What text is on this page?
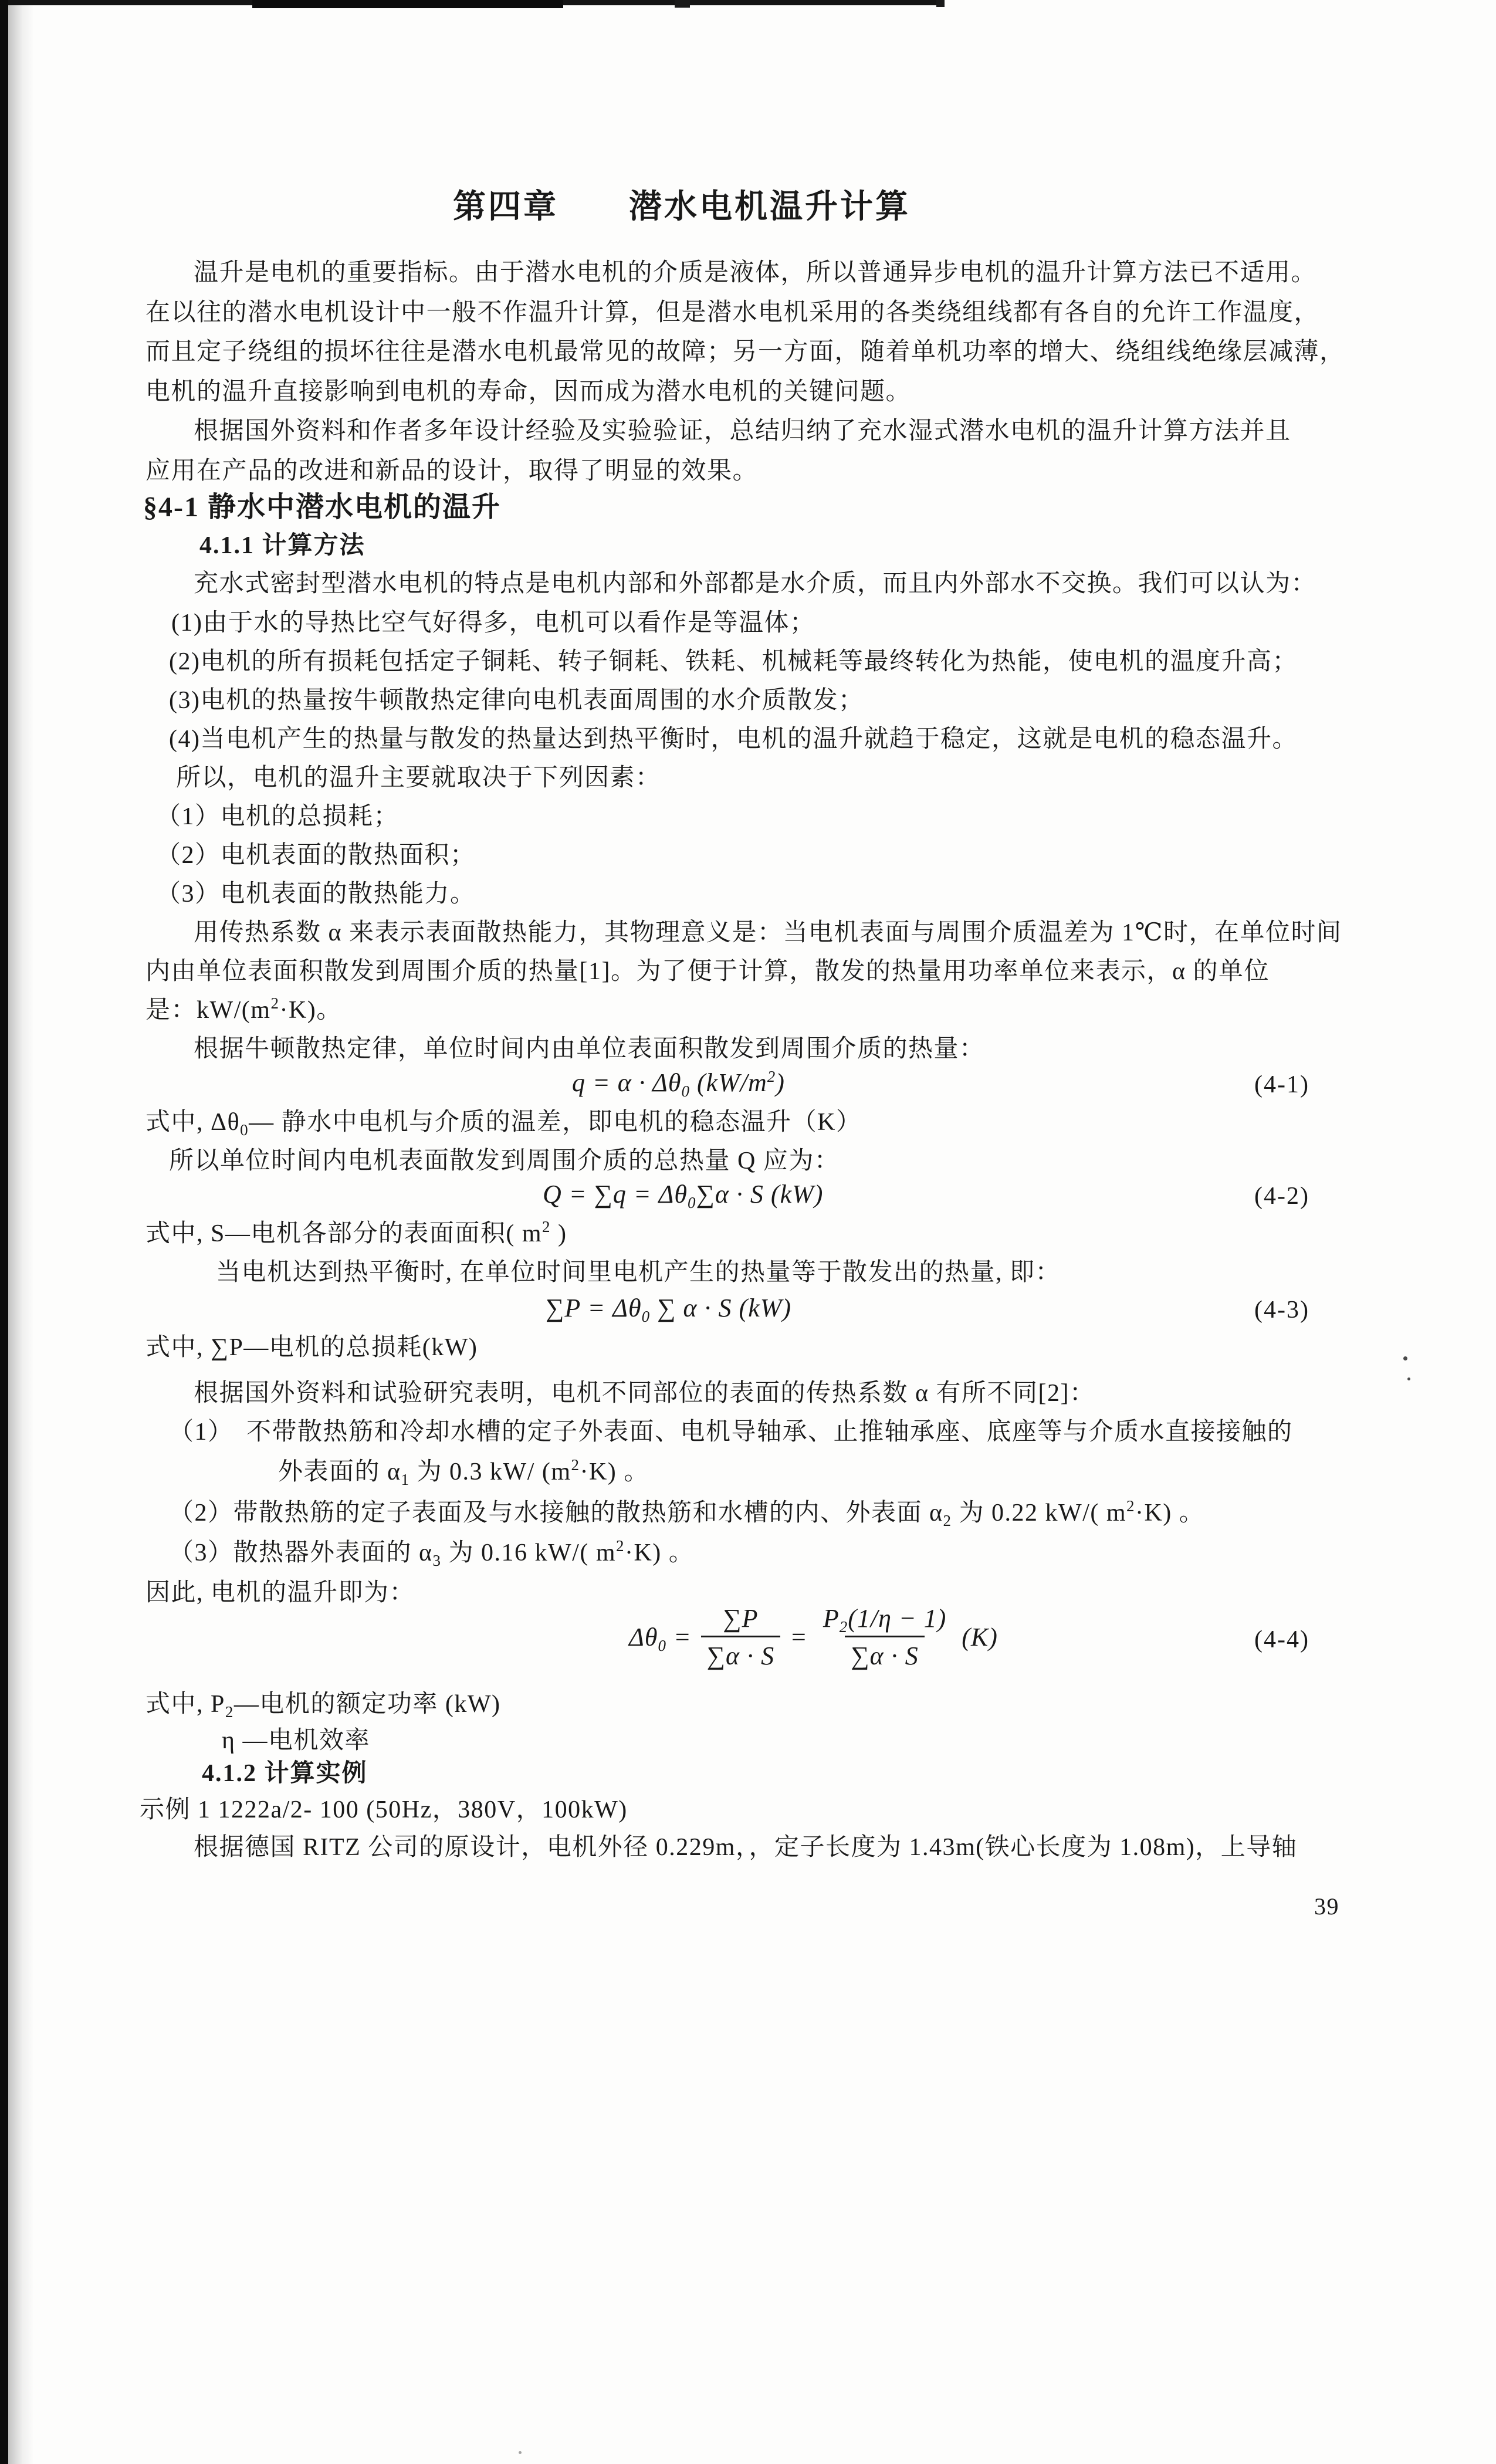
第四章　　潜水电机温升计算
温升是电机的重要指标。由于潜水电机的介质是液体，所以普通异步电机的温升计算方法已不适用。
在以往的潜水电机设计中一般不作温升计算，但是潜水电机采用的各类绕组线都有各自的允许工作温度，
而且定子绕组的损坏往往是潜水电机最常见的故障；另一方面，随着单机功率的增大、绕组线绝缘层减薄，
电机的温升直接影响到电机的寿命，因而成为潜水电机的关键问题。
根据国外资料和作者多年设计经验及实验验证，总结归纳了充水湿式潜水电机的温升计算方法并且
应用在产品的改进和新品的设计，取得了明显的效果。
§4-1 静水中潜水电机的温升
4.1.1 计算方法
充水式密封型潜水电机的特点是电机内部和外部都是水介质，而且内外部水不交换。我们可以认为：
(1)由于水的导热比空气好得多，电机可以看作是等温体；
(2)电机的所有损耗包括定子铜耗、转子铜耗、铁耗、机械耗等最终转化为热能，使电机的温度升高；
(3)电机的热量按牛顿散热定律向电机表面周围的水介质散发；
(4)当电机产生的热量与散发的热量达到热平衡时，电机的温升就趋于稳定，这就是电机的稳态温升。
所以，电机的温升主要就取决于下列因素：
（1）电机的总损耗；
（2）电机表面的散热面积；
（3）电机表面的散热能力。
用传热系数 α 来表示表面散热能力，其物理意义是：当电机表面与周围介质温差为 1℃时，在单位时间
内由单位表面积散发到周围介质的热量[1]。为了便于计算，散发的热量用功率单位来表示，α 的单位
是：$kW/(m^2\cdot K)$。
根据牛顿散热定律，单位时间内由单位表面积散发到周围介质的热量：
$q = \alpha \cdot \Delta\theta_0$ $(kW/m^2)$	(4-1)
式中, $\Delta\theta_0—$ 静水中电机与介质的温差，即电机的稳态温升（K）
所以单位时间内电机表面散发到周围介质的总热量 Q 应为：
$Q = \sum q = \Delta\theta_0\sum\alpha \cdot S$ (kW)	(4-2)
式中, S—电机各部分的表面面积( $m^2$ )
当电机达到热平衡时, 在单位时间里电机产生的热量等于散发出的热量, 即：
$\sum P = \Delta\theta_0$ ∑ α · S (kW)	(4-3)
式中, ∑P—电机的总损耗(kW)
根据国外资料和试验研究表明，电机不同部位的表面的传热系数 α 有所不同[2]：
（1）　不带散热筋和冷却水槽的定子外表面、电机导轴承、止推轴承座、底座等与介质水直接接触的
外表面的 $\alpha_1$ 为 0.3 kW/ $(m^2\cdot K)$ 。
（2）带散热筋的定子表面及与水接触的散热筋和水槽的内、外表面 $\alpha_2$ 为 0.22 kW/( $m^2\cdot K$) 。
（3）散热器外表面的 $\alpha_3$ 为 0.16 kW/( $m^2\cdot K$) 。
因此, 电机的温升即为：
$\Delta\theta_0 = \frac{\sum P}{\sum\alpha \cdot S} = \frac{P_2(1/\eta - 1)}{\sum\alpha \cdot S} (K)$	(4-4)
式中, $P_2—$电机的额定功率 (kW)
η —电机效率
4.1.2 计算实例
示例 1 1222a/2- 100 (50Hz，380V，100kW)
根据德国 RITZ 公司的原设计，电机外径 0.229m，，定子长度为 1.43m(铁心长度为 1.08m)，上导轴
39
